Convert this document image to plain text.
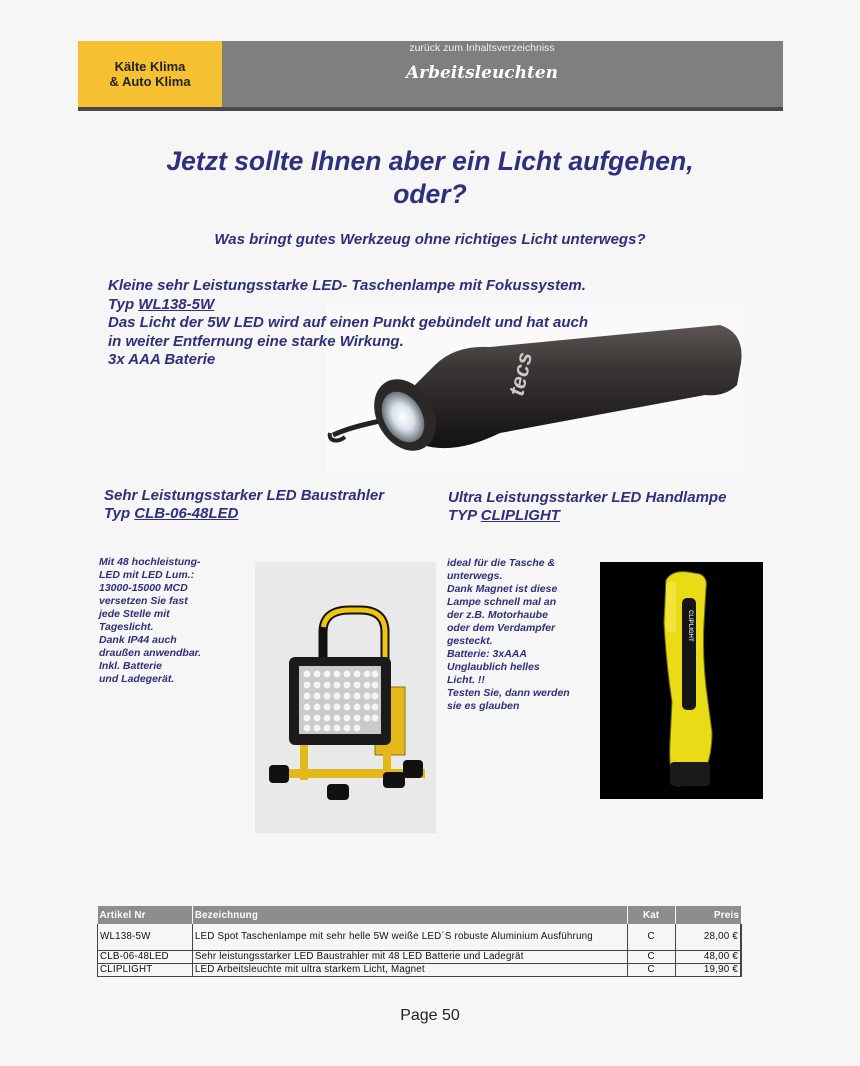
Kälte Klima
& Auto Klima
zurück zum Inhaltsverzeichniss
Arbeitsleuchten
Jetzt sollte Ihnen aber ein Licht aufgehen,
oder?
Was bringt gutes Werkzeug ohne richtiges Licht unterwegs?
tecs
Kleine sehr Leistungsstarke LED- Taschenlampe mit Fokussystem.
Typ WL138-5W
Das Licht der 5W LED wird auf einen Punkt gebündelt und hat auch
in weiter Entfernung eine starke Wirkung.
3x AAA Baterie
Sehr Leistungsstarker LED Baustrahler
Typ CLB-06-48LED
Mit 48 hochleistung-
LED mit LED Lum.:
13000-15000 MCD
versetzen Sie fast
jede Stelle mit
Tageslicht.
Dank IP44 auch
draußen anwendbar.
Inkl. Batterie
und Ladegerät.
Ultra Leistungsstarker LED Handlampe
TYP CLIPLIGHT
ideal für die Tasche &
unterwegs.
Dank Magnet ist diese
Lampe schnell mal an
der z.B. Motorhaube
oder dem Verdampfer
gesteckt.
Batterie: 3xAAA
Unglaublich helles
Licht. !!
Testen Sie, dann werden
sie es glauben
CLIPLIGHT
Artikel Nr	Bezeichnung	Kat	Preis
WL138-5W	LED Spot Taschenlampe mit sehr helle 5W weiße LED´S robuste Aluminium Ausführung	C	28,00 €
CLB-06-48LED	Sehr leistungsstarker LED Baustrahler mit 48 LED Batterie und Ladegrät	C	48,00 €
CLIPLIGHT	LED Arbeitsleuchte mit ultra starkem Licht, Magnet	C	19,90 €
Page 50
